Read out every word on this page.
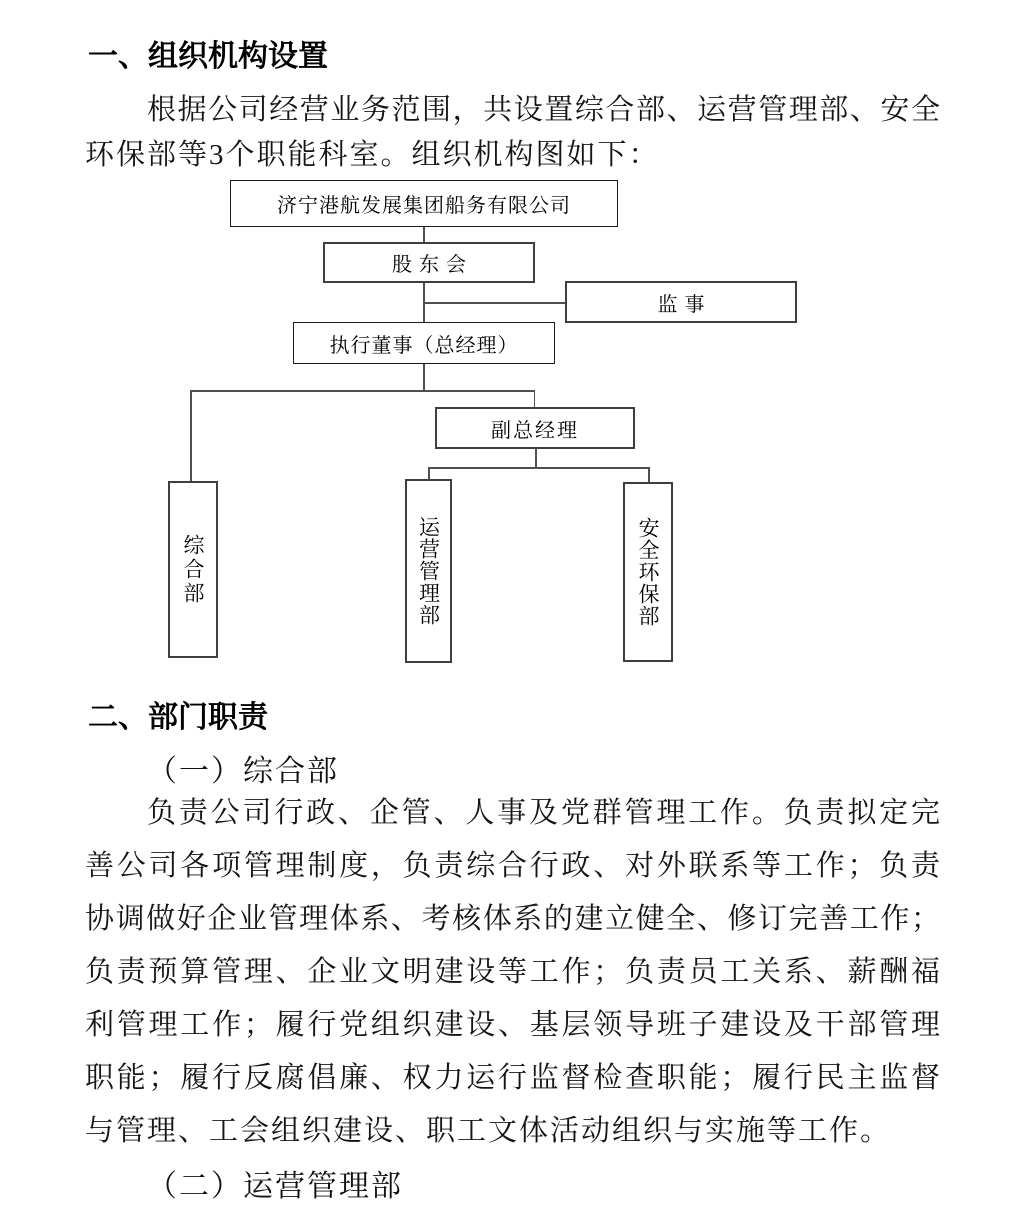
一、组织机构设置
根据公司经营业务范围，共设置综合部、运营管理部、安全
环保部等3个职能科室。组织机构图如下：
济宁港航发展集团船务有限公司
股东会
监事
执行董事（总经理）
副总经理
综合部	运营管理部	安全环保部
二、部门职责
（一）综合部
负责公司行政、企管、人事及党群管理工作。负责拟定完
善公司各项管理制度，负责综合行政、对外联系等工作；负责
协调做好企业管理体系、考核体系的建立健全、修订完善工作；
负责预算管理、企业文明建设等工作；负责员工关系、薪酬福
利管理工作；履行党组织建设、基层领导班子建设及干部管理
职能；履行反腐倡廉、权力运行监督检查职能；履行民主监督
与管理、工会组织建设、职工文体活动组织与实施等工作。
（二）运营管理部
